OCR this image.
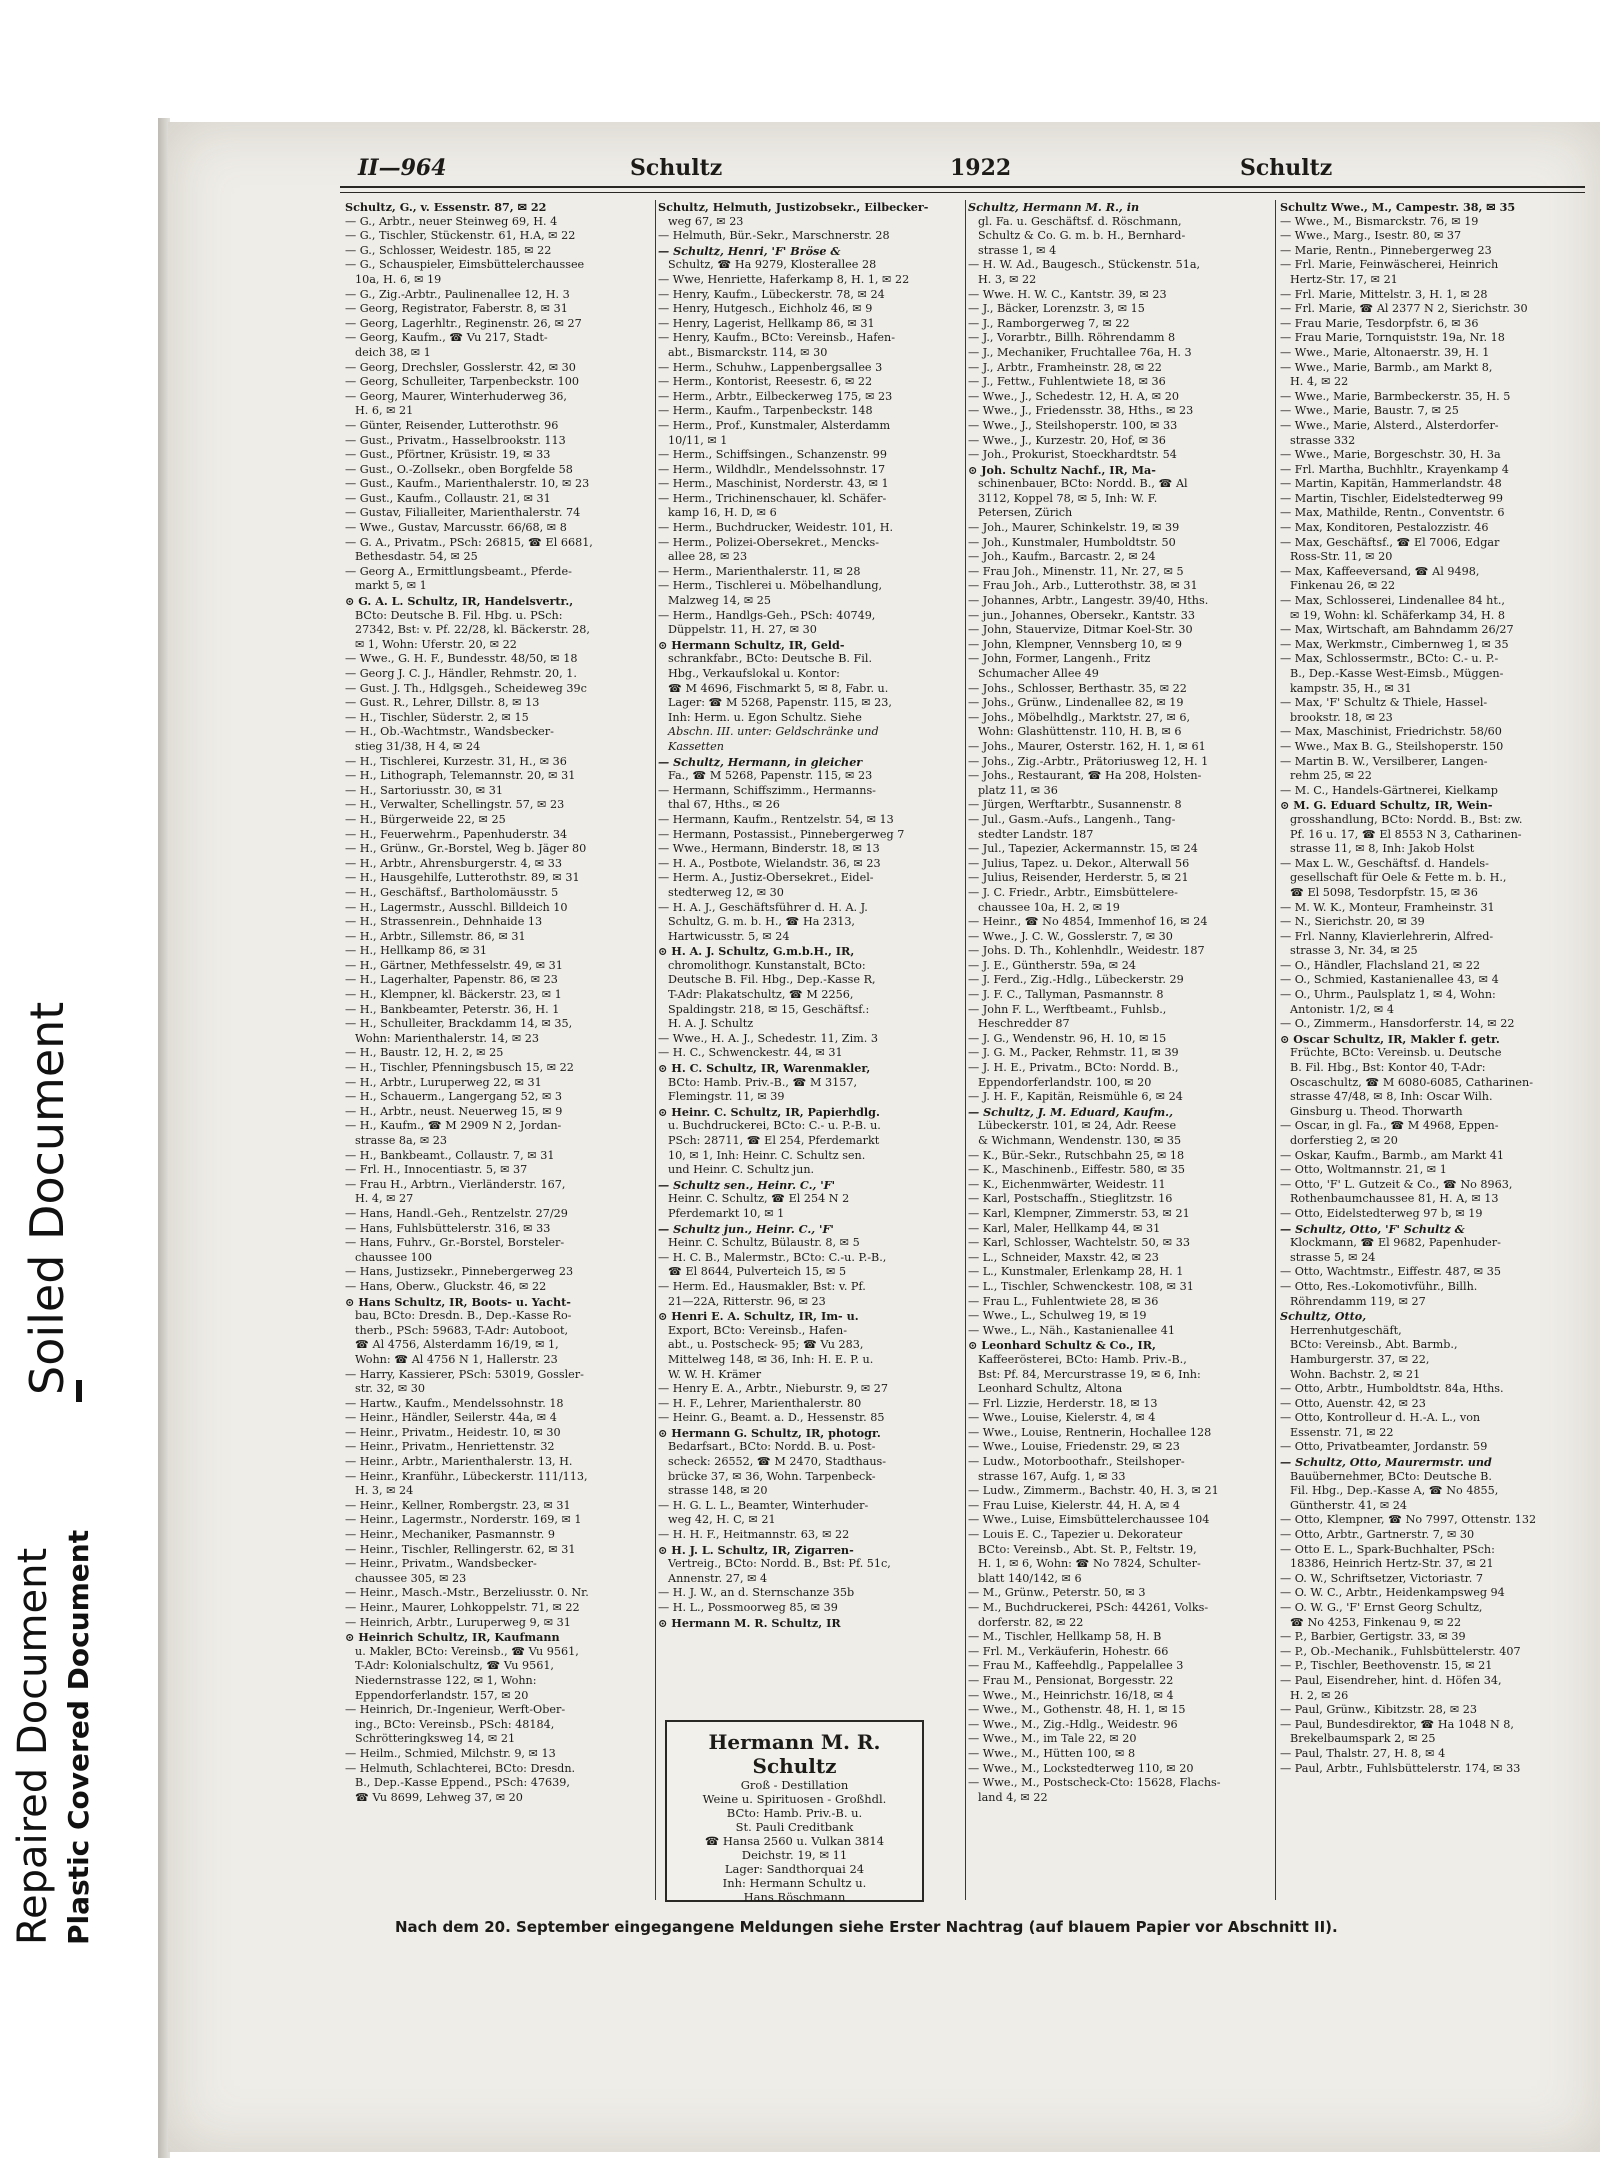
II—964	Schultz	1922	Schultz
Schultz, G., v. Essenstr. 87, ✉ 22
— G., Arbtr., neuer Steinweg 69, H. 4
— G., Tischler, Stückenstr. 61, H.A, ✉ 22
— G., Schlosser, Weidestr. 185, ✉ 22
— G., Schauspieler, Eimsbüttelerchaussee
10a, H. 6, ✉ 19
— G., Zig.-Arbtr., Paulinenallee 12, H. 3
— Georg, Registrator, Faberstr. 8, ✉ 31
— Georg, Lagerhltr., Reginenstr. 26, ✉ 27
— Georg, Kaufm., ☎ Vu 217, Stadt-
deich 38, ✉ 1
— Georg, Drechsler, Gosslerstr. 42, ✉ 30
— Georg, Schulleiter, Tarpenbeckstr. 100
— Georg, Maurer, Winterhuderweg 36,
H. 6, ✉ 21
— Günter, Reisender, Lutterothstr. 96
— Gust., Privatm., Hasselbrookstr. 113
— Gust., Pförtner, Krüsistr. 19, ✉ 33
— Gust., O.-Zollsekr., oben Borgfelde 58
— Gust., Kaufm., Marienthalerstr. 10, ✉ 23
— Gust., Kaufm., Collaustr. 21, ✉ 31
— Gustav, Filialleiter, Marienthalerstr. 74
— Wwe., Gustav, Marcusstr. 66/68, ✉ 8
— G. A., Privatm., PSch: 26815, ☎ El 6681,
Bethesdastr. 54, ✉ 25
— Georg A., Ermittlungsbeamt., Pferde-
markt 5, ✉ 1
⊙ G. A. L. Schultz, IR, Handelsvertr.,
BCto: Deutsche B. Fil. Hbg. u. PSch:
27342, Bst: v. Pf. 22/28, kl. Bäckerstr. 28,
✉ 1, Wohn: Uferstr. 20, ✉ 22
— Wwe., G. H. F., Bundesstr. 48/50, ✉ 18
— Georg J. C. J., Händler, Rehmstr. 20, 1.
— Gust. J. Th., Hdlgsgeh., Scheideweg 39c
— Gust. R., Lehrer, Dillstr. 8, ✉ 13
— H., Tischler, Süderstr. 2, ✉ 15
— H., Ob.-Wachtmstr., Wandsbecker-
stieg 31/38, H 4, ✉ 24
— H., Tischlerei, Kurzestr. 31, H., ✉ 36
— H., Lithograph, Telemannstr. 20, ✉ 31
— H., Sartoriusstr. 30, ✉ 31
— H., Verwalter, Schellingstr. 57, ✉ 23
— H., Bürgerweide 22, ✉ 25
— H., Feuerwehrm., Papenhuderstr. 34
— H., Grünw., Gr.-Borstel, Weg b. Jäger 80
— H., Arbtr., Ahrensburgerstr. 4, ✉ 33
— H., Hausgehilfe, Lutterothstr. 89, ✉ 31
— H., Geschäftsf., Bartholomäusstr. 5
— H., Lagermstr., Ausschl. Billdeich 10
— H., Strassenrein., Dehnhaide 13
— H., Arbtr., Sillemstr. 86, ✉ 31
— H., Hellkamp 86, ✉ 31
— H., Gärtner, Methfesselstr. 49, ✉ 31
— H., Lagerhalter, Papenstr. 86, ✉ 23
— H., Klempner, kl. Bäckerstr. 23, ✉ 1
— H., Bankbeamter, Peterstr. 36, H. 1
— H., Schulleiter, Brackdamm 14, ✉ 35,
Wohn: Marienthalerstr. 14, ✉ 23
— H., Baustr. 12, H. 2, ✉ 25
— H., Tischler, Pfenningsbusch 15, ✉ 22
— H., Arbtr., Luruperweg 22, ✉ 31
— H., Schauerm., Langergang 52, ✉ 3
— H., Arbtr., neust. Neuerweg 15, ✉ 9
— H., Kaufm., ☎ M 2909 N 2, Jordan-
strasse 8a, ✉ 23
— H., Bankbeamt., Collaustr. 7, ✉ 31
— Frl. H., Innocentiastr. 5, ✉ 37
— Frau H., Arbtrn., Vierländerstr. 167,
H. 4, ✉ 27
— Hans, Handl.-Geh., Rentzelstr. 27/29
— Hans, Fuhlsbüttelerstr. 316, ✉ 33
— Hans, Fuhrv., Gr.-Borstel, Borsteler-
chaussee 100
— Hans, Justizsekr., Pinnebergerweg 23
— Hans, Oberw., Gluckstr. 46, ✉ 22
⊙ Hans Schultz, IR, Boots- u. Yacht-
bau, BCto: Dresdn. B., Dep.-Kasse Ro-
therb., PSch: 59683, T-Adr: Autoboot,
☎ Al 4756, Alsterdamm 16/19, ✉ 1,
Wohn: ☎ Al 4756 N 1, Hallerstr. 23
— Harry, Kassierer, PSch: 53019, Gossler-
str. 32, ✉ 30
— Hartw., Kaufm., Mendelssohnstr. 18
— Heinr., Händler, Seilerstr. 44a, ✉ 4
— Heinr., Privatm., Heidestr. 10, ✉ 30
— Heinr., Privatm., Henriettenstr. 32
— Heinr., Arbtr., Marienthalerstr. 13, H.
— Heinr., Kranführ., Lübeckerstr. 111/113,
H. 3, ✉ 24
— Heinr., Kellner, Rombergstr. 23, ✉ 31
— Heinr., Lagermstr., Norderstr. 169, ✉ 1
— Heinr., Mechaniker, Pasmannstr. 9
— Heinr., Tischler, Rellingerstr. 62, ✉ 31
— Heinr., Privatm., Wandsbecker-
chaussee 305, ✉ 23
— Heinr., Masch.-Mstr., Berzeliusstr. 0. Nr.
— Heinr., Maurer, Lohkoppelstr. 71, ✉ 22
— Heinrich, Arbtr., Luruperweg 9, ✉ 31
⊙ Heinrich Schultz, IR, Kaufmann
u. Makler, BCto: Vereinsb., ☎ Vu 9561,
T-Adr: Kolonialschultz, ☎ Vu 9561,
Niedernstrasse 122, ✉ 1, Wohn:
Eppendorferlandstr. 157, ✉ 20
— Heinrich, Dr.-Ingenieur, Werft-Ober-
ing., BCto: Vereinsb., PSch: 48184,
Schrötteringksweg 14, ✉ 21
— Heilm., Schmied, Milchstr. 9, ✉ 13
— Helmuth, Schlachterei, BCto: Dresdn.
B., Dep.-Kasse Eppend., PSch: 47639,
☎ Vu 8699, Lehweg 37, ✉ 20
Schultz, Helmuth, Justizobsekr., Eilbecker-
weg 67, ✉ 23
— Helmuth, Bür.-Sekr., Marschnerstr. 28
— Schultz, Henri, 'F' Bröse &
Schultz, ☎ Ha 9279, Klosterallee 28
— Wwe, Henriette, Haferkamp 8, H. 1, ✉ 22
— Henry, Kaufm., Lübeckerstr. 78, ✉ 24
— Henry, Hutgesch., Eichholz 46, ✉ 9
— Henry, Lagerist, Hellkamp 86, ✉ 31
— Henry, Kaufm., BCto: Vereinsb., Hafen-
abt., Bismarckstr. 114, ✉ 30
— Herm., Schuhw., Lappenbergsallee 3
— Herm., Kontorist, Reesestr. 6, ✉ 22
— Herm., Arbtr., Eilbeckerweg 175, ✉ 23
— Herm., Kaufm., Tarpenbeckstr. 148
— Herm., Prof., Kunstmaler, Alsterdamm
10/11, ✉ 1
— Herm., Schiffsingen., Schanzenstr. 99
— Herm., Wildhdlr., Mendelssohnstr. 17
— Herm., Maschinist, Norderstr. 43, ✉ 1
— Herm., Trichinenschauer, kl. Schäfer-
kamp 16, H. D, ✉ 6
— Herm., Buchdrucker, Weidestr. 101, H.
— Herm., Polizei-Obersekret., Mencks-
allee 28, ✉ 23
— Herm., Marienthalerstr. 11, ✉ 28
— Herm., Tischlerei u. Möbelhandlung,
Malzweg 14, ✉ 25
— Herm., Handlgs-Geh., PSch: 40749,
Düppelstr. 11, H. 27, ✉ 30
⊙ Hermann Schultz, IR, Geld-
schrankfabr., BCto: Deutsche B. Fil.
Hbg., Verkaufslokal u. Kontor:
☎ M 4696, Fischmarkt 5, ✉ 8, Fabr. u.
Lager: ☎ M 5268, Papenstr. 115, ✉ 23,
Inh: Herm. u. Egon Schultz. Siehe
Abschn. III. unter: Geldschränke und
Kassetten
— Schultz, Hermann, in gleicher
Fa., ☎ M 5268, Papenstr. 115, ✉ 23
— Hermann, Schiffszimm., Hermanns-
thal 67, Hths., ✉ 26
— Hermann, Kaufm., Rentzelstr. 54, ✉ 13
— Hermann, Postassist., Pinnebergerweg 7
— Wwe., Hermann, Binderstr. 18, ✉ 13
— H. A., Postbote, Wielandstr. 36, ✉ 23
— Herm. A., Justiz-Obersekret., Eidel-
stedterweg 12, ✉ 30
— H. A. J., Geschäftsführer d. H. A. J.
Schultz, G. m. b. H., ☎ Ha 2313,
Hartwicusstr. 5, ✉ 24
⊙ H. A. J. Schultz, G.m.b.H., IR,
chromolithogr. Kunstanstalt, BCto:
Deutsche B. Fil. Hbg., Dep.-Kasse R,
T-Adr: Plakatschultz, ☎ M 2256,
Spaldingstr. 218, ✉ 15, Geschäftsf.:
H. A. J. Schultz
— Wwe., H. A. J., Schedestr. 11, Zim. 3
— H. C., Schwenckestr. 44, ✉ 31
⊙ H. C. Schultz, IR, Warenmakler,
BCto: Hamb. Priv.-B., ☎ M 3157,
Flemingstr. 11, ✉ 39
⊙ Heinr. C. Schultz, IR, Papierhdlg.
u. Buchdruckerei, BCto: C.- u. P.-B. u.
PSch: 28711, ☎ El 254, Pferdemarkt
10, ✉ 1, Inh: Heinr. C. Schultz sen.
und Heinr. C. Schultz jun.
— Schultz sen., Heinr. C., 'F'
Heinr. C. Schultz, ☎ El 254 N 2
Pferdemarkt 10, ✉ 1
— Schultz jun., Heinr. C., 'F'
Heinr. C. Schultz, Bülaustr. 8, ✉ 5
— H. C. B., Malermstr., BCto: C.-u. P.-B.,
☎ El 8644, Pulverteich 15, ✉ 5
— Herm. Ed., Hausmakler, Bst: v. Pf.
21—22A, Ritterstr. 96, ✉ 23
⊙ Henri E. A. Schultz, IR, Im- u.
Export, BCto: Vereinsb., Hafen-
abt., u. Postscheck- 95; ☎ Vu 283,
Mittelweg 148, ✉ 36, Inh: H. E. P. u.
W. W. H. Krämer
— Henry E. A., Arbtr., Nieburstr. 9, ✉ 27
— H. F., Lehrer, Marienthalerstr. 80
— Heinr. G., Beamt. a. D., Hessenstr. 85
⊙ Hermann G. Schultz, IR, photogr.
Bedarfsart., BCto: Nordd. B. u. Post-
scheck: 26552, ☎ M 2470, Stadthaus-
brücke 37, ✉ 36, Wohn. Tarpenbeck-
strasse 148, ✉ 20
— H. G. L. L., Beamter, Winterhuder-
weg 42, H. C, ✉ 21
— H. H. F., Heitmannstr. 63, ✉ 22
⊙ H. J. L. Schultz, IR, Zigarren-
Vertreig., BCto: Nordd. B., Bst: Pf. 51c,
Annenstr. 27, ✉ 4
— H. J. W., an d. Sternschanze 35b
— H. L., Possmoorweg 85, ✉ 39
⊙ Hermann M. R. Schultz, IR
Schultz, Hermann M. R., in
gl. Fa. u. Geschäftsf. d. Röschmann,
Schultz & Co. G. m. b. H., Bernhard-
strasse 1, ✉ 4
— H. W. Ad., Baugesch., Stückenstr. 51a,
H. 3, ✉ 22
— Wwe. H. W. C., Kantstr. 39, ✉ 23
— J., Bäcker, Lorenzstr. 3, ✉ 15
— J., Ramborgerweg 7, ✉ 22
— J., Vorarbtr., Billh. Röhrendamm 8
— J., Mechaniker, Fruchtallee 76a, H. 3
— J., Arbtr., Framheinstr. 28, ✉ 22
— J., Fettw., Fuhlentwiete 18, ✉ 36
— Wwe., J., Schedestr. 12, H. A, ✉ 20
— Wwe., J., Friedensstr. 38, Hths., ✉ 23
— Wwe., J., Steilshoperstr. 100, ✉ 33
— Wwe., J., Kurzestr. 20, Hof, ✉ 36
— Joh., Prokurist, Stoeckhardtstr. 54
⊙ Joh. Schultz Nachf., IR, Ma-
schinenbauer, BCto: Nordd. B., ☎ Al
3112, Koppel 78, ✉ 5, Inh: W. F.
Petersen, Zürich
— Joh., Maurer, Schinkelstr. 19, ✉ 39
— Joh., Kunstmaler, Humboldtstr. 50
— Joh., Kaufm., Barcastr. 2, ✉ 24
— Frau Joh., Minenstr. 11, Nr. 27, ✉ 5
— Frau Joh., Arb., Lutterothstr. 38, ✉ 31
— Johannes, Arbtr., Langestr. 39/40, Hths.
— jun., Johannes, Obersekr., Kantstr. 33
— John, Stauervize, Ditmar Koel-Str. 30
— John, Klempner, Vennsberg 10, ✉ 9
— John, Former, Langenh., Fritz
Schumacher Allee 49
— Johs., Schlosser, Berthastr. 35, ✉ 22
— Johs., Grünw., Lindenallee 82, ✉ 19
— Johs., Möbelhdlg., Marktstr. 27, ✉ 6,
Wohn: Glashüttenstr. 110, H. B, ✉ 6
— Johs., Maurer, Osterstr. 162, H. 1, ✉ 61
— Johs., Zig.-Arbtr., Prätoriusweg 12, H. 1
— Johs., Restaurant, ☎ Ha 208, Holsten-
platz 11, ✉ 36
— Jürgen, Werftarbtr., Susannenstr. 8
— Jul., Gasm.-Aufs., Langenh., Tang-
stedter Landstr. 187
— Jul., Tapezier, Ackermannstr. 15, ✉ 24
— Julius, Tapez. u. Dekor., Alterwall 56
— Julius, Reisender, Herderstr. 5, ✉ 21
— J. C. Friedr., Arbtr., Eimsbüttelere-
chaussee 10a, H. 2, ✉ 19
— Heinr., ☎ No 4854, Immenhof 16, ✉ 24
— Wwe., J. C. W., Gosslerstr. 7, ✉ 30
— Johs. D. Th., Kohlenhdlr., Weidestr. 187
— J. E., Güntherstr. 59a, ✉ 24
— J. Ferd., Zig.-Hdlg., Lübeckerstr. 29
— J. F. C., Tallyman, Pasmannstr. 8
— John F. L., Werftbeamt., Fuhlsb.,
Heschredder 87
— J. G., Wendenstr. 96, H. 10, ✉ 15
— J. G. M., Packer, Rehmstr. 11, ✉ 39
— J. H. E., Privatm., BCto: Nordd. B.,
Eppendorferlandstr. 100, ✉ 20
— J. H. F., Kapitän, Reismühle 6, ✉ 24
— Schultz, J. M. Eduard, Kaufm.,
Lübeckerstr. 101, ✉ 24, Adr. Reese
& Wichmann, Wendenstr. 130, ✉ 35
— K., Bür.-Sekr., Rutschbahn 25, ✉ 18
— K., Maschinenb., Eiffestr. 580, ✉ 35
— K., Eichenmwärter, Weidestr. 11
— Karl, Postschaffn., Stieglitzstr. 16
— Karl, Klempner, Zimmerstr. 53, ✉ 21
— Karl, Maler, Hellkamp 44, ✉ 31
— Karl, Schlosser, Wachtelstr. 50, ✉ 33
— L., Schneider, Maxstr. 42, ✉ 23
— L., Kunstmaler, Erlenkamp 28, H. 1
— L., Tischler, Schwenckestr. 108, ✉ 31
— Frau L., Fuhlentwiete 28, ✉ 36
— Wwe., L., Schulweg 19, ✉ 19
— Wwe., L., Näh., Kastanienallee 41
⊙ Leonhard Schultz & Co., IR,
Kaffeerösterei, BCto: Hamb. Priv.-B.,
Bst: Pf. 84, Mercurstrasse 19, ✉ 6, Inh:
Leonhard Schultz, Altona
— Frl. Lizzie, Herderstr. 18, ✉ 13
— Wwe., Louise, Kielerstr. 4, ✉ 4
— Wwe., Louise, Rentnerin, Hochallee 128
— Wwe., Louise, Friedenstr. 29, ✉ 23
— Ludw., Motorboothafr., Steilshoper-
strasse 167, Aufg. 1, ✉ 33
— Ludw., Zimmerm., Bachstr. 40, H. 3, ✉ 21
— Frau Luise, Kielerstr. 44, H. A, ✉ 4
— Wwe., Luise, Eimsbüttelerchaussee 104
— Louis E. C., Tapezier u. Dekorateur
BCto: Vereinsb., Abt. St. P., Feltstr. 19,
H. 1, ✉ 6, Wohn: ☎ No 7824, Schulter-
blatt 140/142, ✉ 6
— M., Grünw., Peterstr. 50, ✉ 3
— M., Buchdruckerei, PSch: 44261, Volks-
dorferstr. 82, ✉ 22
— M., Tischler, Hellkamp 58, H. B
— Frl. M., Verkäuferin, Hohestr. 66
— Frau M., Kaffeehdlg., Pappelallee 3
— Frau M., Pensionat, Borgesstr. 22
— Wwe., M., Heinrichstr. 16/18, ✉ 4
— Wwe., M., Gothenstr. 48, H. 1, ✉ 15
— Wwe., M., Zig.-Hdlg., Weidestr. 96
— Wwe., M., im Tale 22, ✉ 20
— Wwe., M., Hütten 100, ✉ 8
— Wwe., M., Lockstedterweg 110, ✉ 20
— Wwe., M., Postscheck-Cto: 15628, Flachs-
land 4, ✉ 22
Schultz Wwe., M., Campestr. 38, ✉ 35
— Wwe., M., Bismarckstr. 76, ✉ 19
— Wwe., Marg., Isestr. 80, ✉ 37
— Marie, Rentn., Pinnebergerweg 23
— Frl. Marie, Feinwäscherei, Heinrich
Hertz-Str. 17, ✉ 21
— Frl. Marie, Mittelstr. 3, H. 1, ✉ 28
— Frl. Marie, ☎ Al 2377 N 2, Sierichstr. 30
— Frau Marie, Tesdorpfstr. 6, ✉ 36
— Frau Marie, Tornquiststr. 19a, Nr. 18
— Wwe., Marie, Altonaerstr. 39, H. 1
— Wwe., Marie, Barmb., am Markt 8,
H. 4, ✉ 22
— Wwe., Marie, Barmbeckerstr. 35, H. 5
— Wwe., Marie, Baustr. 7, ✉ 25
— Wwe., Marie, Alsterd., Alsterdorfer-
strasse 332
— Wwe., Marie, Borgeschstr. 30, H. 3a
— Frl. Martha, Buchhltr., Krayenkamp 4
— Martin, Kapitän, Hammerlandstr. 48
— Martin, Tischler, Eidelstedterweg 99
— Max, Mathilde, Rentn., Conventstr. 6
— Max, Konditoren, Pestalozzistr. 46
— Max, Geschäftsf., ☎ El 7006, Edgar
Ross-Str. 11, ✉ 20
— Max, Kaffeeversand, ☎ Al 9498,
Finkenau 26, ✉ 22
— Max, Schlosserei, Lindenallee 84 ht.,
✉ 19, Wohn: kl. Schäferkamp 34, H. 8
— Max, Wirtschaft, am Bahndamm 26/27
— Max, Werkmstr., Cimbernweg 1, ✉ 35
— Max, Schlossermstr., BCto: C.- u. P.-
B., Dep.-Kasse West-Eimsb., Müggen-
kampstr. 35, H., ✉ 31
— Max, 'F' Schultz & Thiele, Hassel-
brookstr. 18, ✉ 23
— Max, Maschinist, Friedrichstr. 58/60
— Wwe., Max B. G., Steilshoperstr. 150
— Martin B. W., Versilberer, Langen-
rehm 25, ✉ 22
— M. C., Handels-Gärtnerei, Kielkamp
⊙ M. G. Eduard Schultz, IR, Wein-
grosshandlung, BCto: Nordd. B., Bst: zw.
Pf. 16 u. 17, ☎ El 8553 N 3, Catharinen-
strasse 11, ✉ 8, Inh: Jakob Holst
— Max L. W., Geschäftsf. d. Handels-
gesellschaft für Oele & Fette m. b. H.,
☎ El 5098, Tesdorpfstr. 15, ✉ 36
— M. W. K., Monteur, Framheinstr. 31
— N., Sierichstr. 20, ✉ 39
— Frl. Nanny, Klavierlehrerin, Alfred-
strasse 3, Nr. 34, ✉ 25
— O., Händler, Flachsland 21, ✉ 22
— O., Schmied, Kastanienallee 43, ✉ 4
— O., Uhrm., Paulsplatz 1, ✉ 4, Wohn:
Antonistr. 1/2, ✉ 4
— O., Zimmerm., Hansdorferstr. 14, ✉ 22
⊙ Oscar Schultz, IR, Makler f. getr.
Früchte, BCto: Vereinsb. u. Deutsche
B. Fil. Hbg., Bst: Kontor 40, T-Adr:
Oscaschultz, ☎ M 6080-6085, Catharinen-
strasse 47/48, ✉ 8, Inh: Oscar Wilh.
Ginsburg u. Theod. Thorwarth
— Oscar, in gl. Fa., ☎ M 4968, Eppen-
dorferstieg 2, ✉ 20
— Oskar, Kaufm., Barmb., am Markt 41
— Otto, Woltmannstr. 21, ✉ 1
— Otto, 'F' L. Gutzeit & Co., ☎ No 8963,
Rothenbaumchaussee 81, H. A, ✉ 13
— Otto, Eidelstedterweg 97 b, ✉ 19
— Schultz, Otto, 'F' Schultz &
Klockmann, ☎ El 9682, Papenhuder-
strasse 5, ✉ 24
— Otto, Wachtmstr., Eiffestr. 487, ✉ 35
— Otto, Res.-Lokomotivführ., Billh.
Röhrendamm 119, ✉ 27
Schultz, Otto,
Herrenhutgeschäft,
BCto: Vereinsb., Abt. Barmb.,
Hamburgerstr. 37, ✉ 22,
Wohn. Bachstr. 2, ✉ 21
— Otto, Arbtr., Humboldtstr. 84a, Hths.
— Otto, Auenstr. 42, ✉ 23
— Otto, Kontrolleur d. H.-A. L., von
Essenstr. 71, ✉ 22
— Otto, Privatbeamter, Jordanstr. 59
— Schultz, Otto, Maurermstr. und
Bauübernehmer, BCto: Deutsche B.
Fil. Hbg., Dep.-Kasse A, ☎ No 4855,
Güntherstr. 41, ✉ 24
— Otto, Klempner, ☎ No 7997, Ottenstr. 132
— Otto, Arbtr., Gartnerstr. 7, ✉ 30
— Otto E. L., Spark-Buchhalter, PSch:
18386, Heinrich Hertz-Str. 37, ✉ 21
— O. W., Schriftsetzer, Victoriastr. 7
— O. W. C., Arbtr., Heidenkampsweg 94
— O. W. G., 'F' Ernst Georg Schultz,
☎ No 4253, Finkenau 9, ✉ 22
— P., Barbier, Gertigstr. 33, ✉ 39
— P., Ob.-Mechanik., Fuhlsbüttelerstr. 407
— P., Tischler, Beethovenstr. 15, ✉ 21
— Paul, Eisendreher, hint. d. Höfen 34,
H. 2, ✉ 26
— Paul, Grünw., Kibitzstr. 28, ✉ 23
— Paul, Bundesdirektor, ☎ Ha 1048 N 8,
Brekelbaumspark 2, ✉ 25
— Paul, Thalstr. 27, H. 8, ✉ 4
— Paul, Arbtr., Fuhlsbüttelerstr. 174, ✉ 33
Hermann M. R. Schultz
Groß - Destillation
Weine u. Spirituosen - Großhdl.
BCto: Hamb. Priv.-B. u.
St. Pauli Creditbank
☎ Hansa 2560 u. Vulkan 3814
Deichstr. 19, ✉ 11
Lager: Sandthorquai 24
Inh: Hermann Schultz u.
Hans Röschmann
Nach dem 20. September eingegangene Meldungen siehe Erster Nachtrag (auf blauem Papier vor Abschnitt II).
Soiled Document
Repaired Document Plastic Covered Document
